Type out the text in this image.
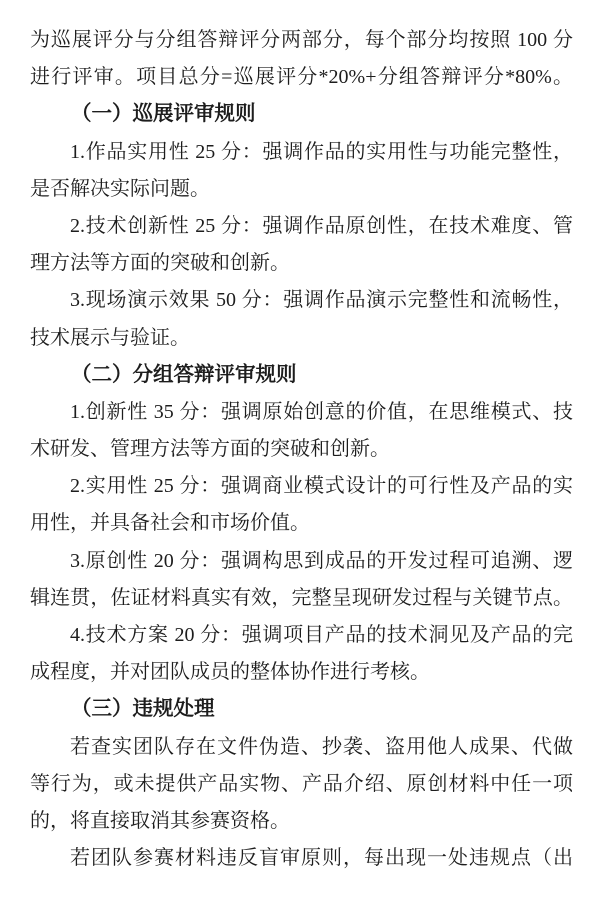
为巡展评分与分组答辩评分两部分，每个部分均按照 100 分
进行评审。项目总分=巡展评分*20%+分组答辩评分*80%。
（一）巡展评审规则
1.作品实用性 25 分：强调作品的实用性与功能完整性，
是否解决实际问题。
2.技术创新性 25 分：强调作品原创性，在技术难度、管
理方法等方面的突破和创新。
3.现场演示效果 50 分：强调作品演示完整性和流畅性，
技术展示与验证。
（二）分组答辩评审规则
1.创新性 35 分：强调原始创意的价值，在思维模式、技
术研发、管理方法等方面的突破和创新。
2.实用性 25 分：强调商业模式设计的可行性及产品的实
用性，并具备社会和市场价值。
3.原创性 20 分：强调构思到成品的开发过程可追溯、逻
辑连贯，佐证材料真实有效，完整呈现研发过程与关键节点。
4.技术方案 20 分：强调项目产品的技术洞见及产品的完
成程度，并对团队成员的整体协作进行考核。
（三）违规处理
若查实团队存在文件伪造、抄袭、盗用他人成果、代做
等行为，或未提供产品实物、产品介绍、原创材料中任一项
的，将直接取消其参赛资格。
若团队参赛材料违反盲审原则，每出现一处违规点（出
